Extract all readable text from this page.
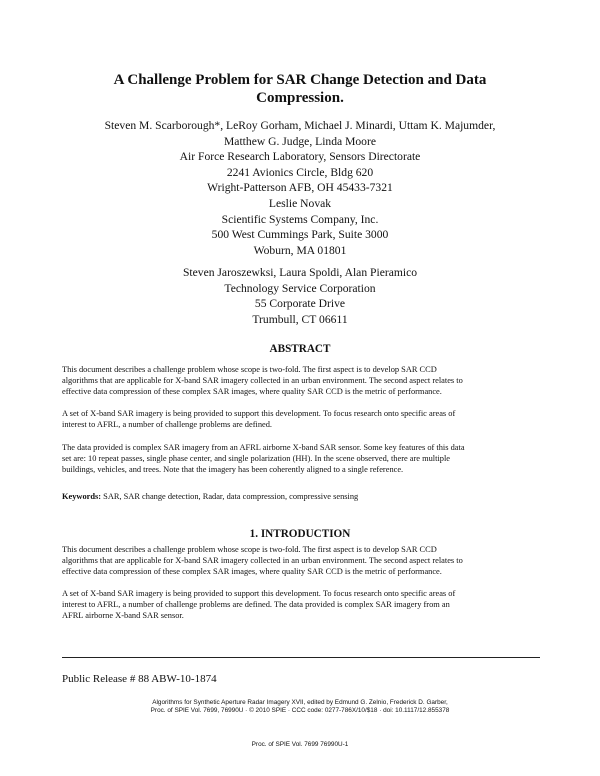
A Challenge Problem for SAR Change Detection and Data
Compression.
Steven M. Scarborough*, LeRoy Gorham, Michael J. Minardi, Uttam K. Majumder,
Matthew G. Judge, Linda Moore
Air Force Research Laboratory, Sensors Directorate
2241 Avionics Circle, Bldg 620
Wright-Patterson AFB, OH 45433-7321
Leslie Novak
Scientific Systems Company, Inc.
500 West Cummings Park, Suite 3000
Woburn, MA 01801
Steven Jaroszewksi, Laura Spoldi, Alan Pieramico
Technology Service Corporation
55 Corporate Drive
Trumbull, CT 06611
ABSTRACT
This document describes a challenge problem whose scope is two-fold. The first aspect is to develop SAR CCD
algorithms that are applicable for X-band SAR imagery collected in an urban environment. The second aspect relates to
effective data compression of these complex SAR images, where quality SAR CCD is the metric of performance.
A set of X-band SAR imagery is being provided to support this development. To focus research onto specific areas of
interest to AFRL, a number of challenge problems are defined.
The data provided is complex SAR imagery from an AFRL airborne X-band SAR sensor. Some key features of this data
set are: 10 repeat passes, single phase center, and single polarization (HH). In the scene observed, there are multiple
buildings, vehicles, and trees. Note that the imagery has been coherently aligned to a single reference.
Keywords: SAR, SAR change detection, Radar, data compression, compressive sensing
1. INTRODUCTION
This document describes a challenge problem whose scope is two-fold. The first aspect is to develop SAR CCD
algorithms that are applicable for X-band SAR imagery collected in an urban environment. The second aspect relates to
effective data compression of these complex SAR images, where quality SAR CCD is the metric of performance.
A set of X-band SAR imagery is being provided to support this development. To focus research onto specific areas of
interest to AFRL, a number of challenge problems are defined. The data provided is complex SAR imagery from an
AFRL airborne X-band SAR sensor.
Public Release # 88 ABW-10-1874
Algorithms for Synthetic Aperture Radar Imagery XVII, edited by Edmund G. Zelnio, Frederick D. Garber,
Proc. of SPIE Vol. 7699, 76990U · © 2010 SPIE · CCC code: 0277-786X/10/$18 · doi: 10.1117/12.855378
Proc. of SPIE Vol. 7699 76990U-1
